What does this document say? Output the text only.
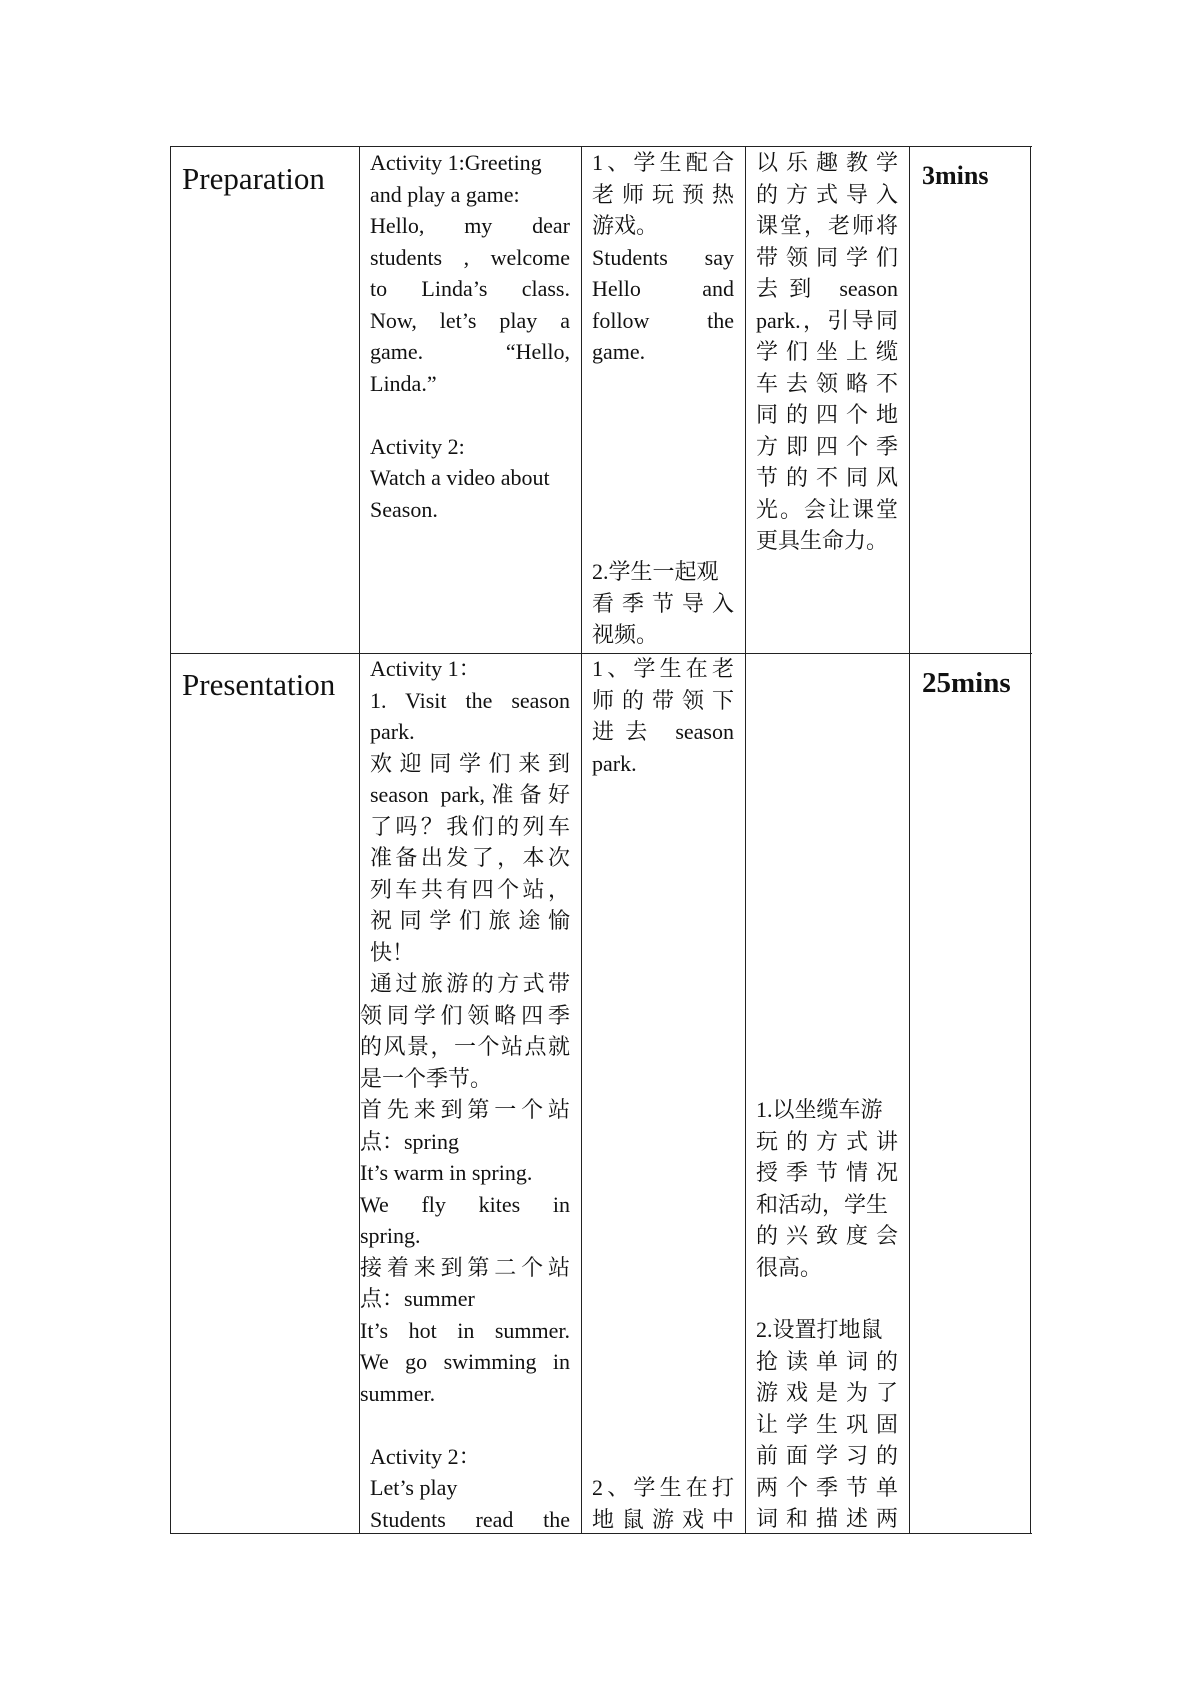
Preparation Activity 1:Greeting
and play a game:
Hello, my dear
students , welcome
to Linda’s class.
Now, let’s play a
game. “Hello,
Linda.”
Activity 2:
Watch a video about
Season.
1、学生配合
老师玩预热
游戏。
Students say
Hello and
follow the
game.
2.学生一起观
看季节导入
视频。
以乐趣教学
的方式导入
课堂，老师将
带领同学们
去到 season
park.，引导同
学们坐上缆
车去领略不
同的四个地
方即四个季
节的不同风
光。会让课堂
更具生命力。
3mins
Presentation	Activity 1：
1. Visit the season
park.
欢迎同学们来到
season park,准备好
了吗？我们的列车
准备出发了，本次
列车共有四个站，
祝同学们旅途愉
快！
通过旅游的方式带
领同学们领略四季
的风景，一个站点就
是一个季节。
首先来到第一个站
点：spring
It’s warm in spring.
We fly kites in
spring.
接着来到第二个站
点：summer
It’s hot in summer.
We go swimming in
summer.
Activity 2：
Let’s play
Students read the
1、学生在老
师的带领下
进去 season
park.
2、学生在打
地鼠游戏中
1.以坐缆车游
玩的方式讲
授季节情况
和活动，学生
的兴致度会
很高。
2.设置打地鼠
抢读单词的
游戏是为了
让学生巩固
前面学习的
两个季节单
词和描述两
25mins
